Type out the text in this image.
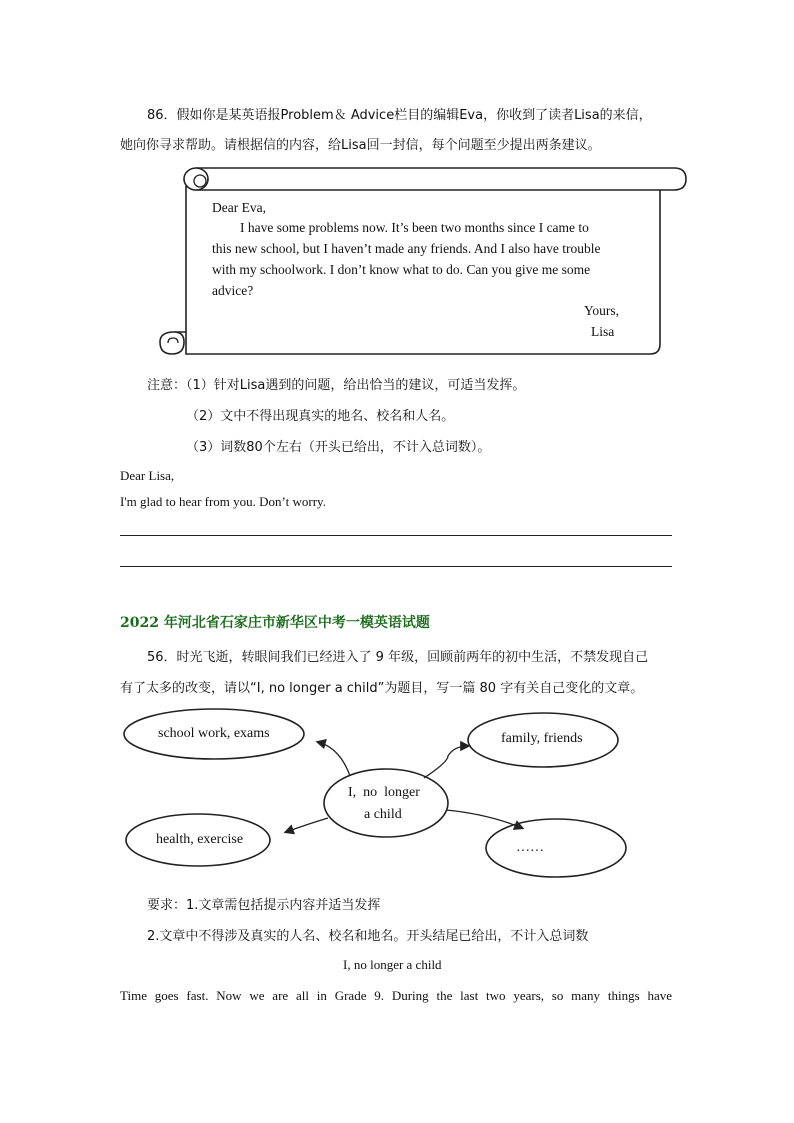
86．假如你是某英语报Problem＆ Advice栏目的编辑Eva，你收到了读者Lisa的来信，
她向你寻求帮助。请根据信的内容，给Lisa回一封信，每个问题至少提出两条建议。
Dear Eva,
I have some problems now. It’s been two months since I came to
this new school, but I haven’t made any friends. And I also have trouble
with my schoolwork. I don’t know what to do. Can you give me some
advice?
Yours,
Lisa
注意：（1）针对Lisa遇到的问题，给出恰当的建议，可适当发挥。
（2）文中不得出现真实的地名、校名和人名。
（3）词数80个左右（开头已给出，不计入总词数）。
Dear Lisa,
I'm glad to hear from you. Don’t worry.
2022 年河北省石家庄市新华区中考一模英语试题
56．时光飞逝，转眼间我们已经进入了 9 年级，回顾前两年的初中生活，不禁发现自己
有了太多的改变，请以“I, no longer a child”为题目，写一篇 80 字有关自己变化的文章。
school work, exams	family, friends
I,  no  longer
a child
health, exercise
……
要求：1.文章需包括提示内容并适当发挥
2.文章中不得涉及真实的人名、校名和地名。开头结尾已给出，不计入总词数
I, no longer a child
Time goes fast. Now we are all in Grade 9. During the last two years, so many things have
